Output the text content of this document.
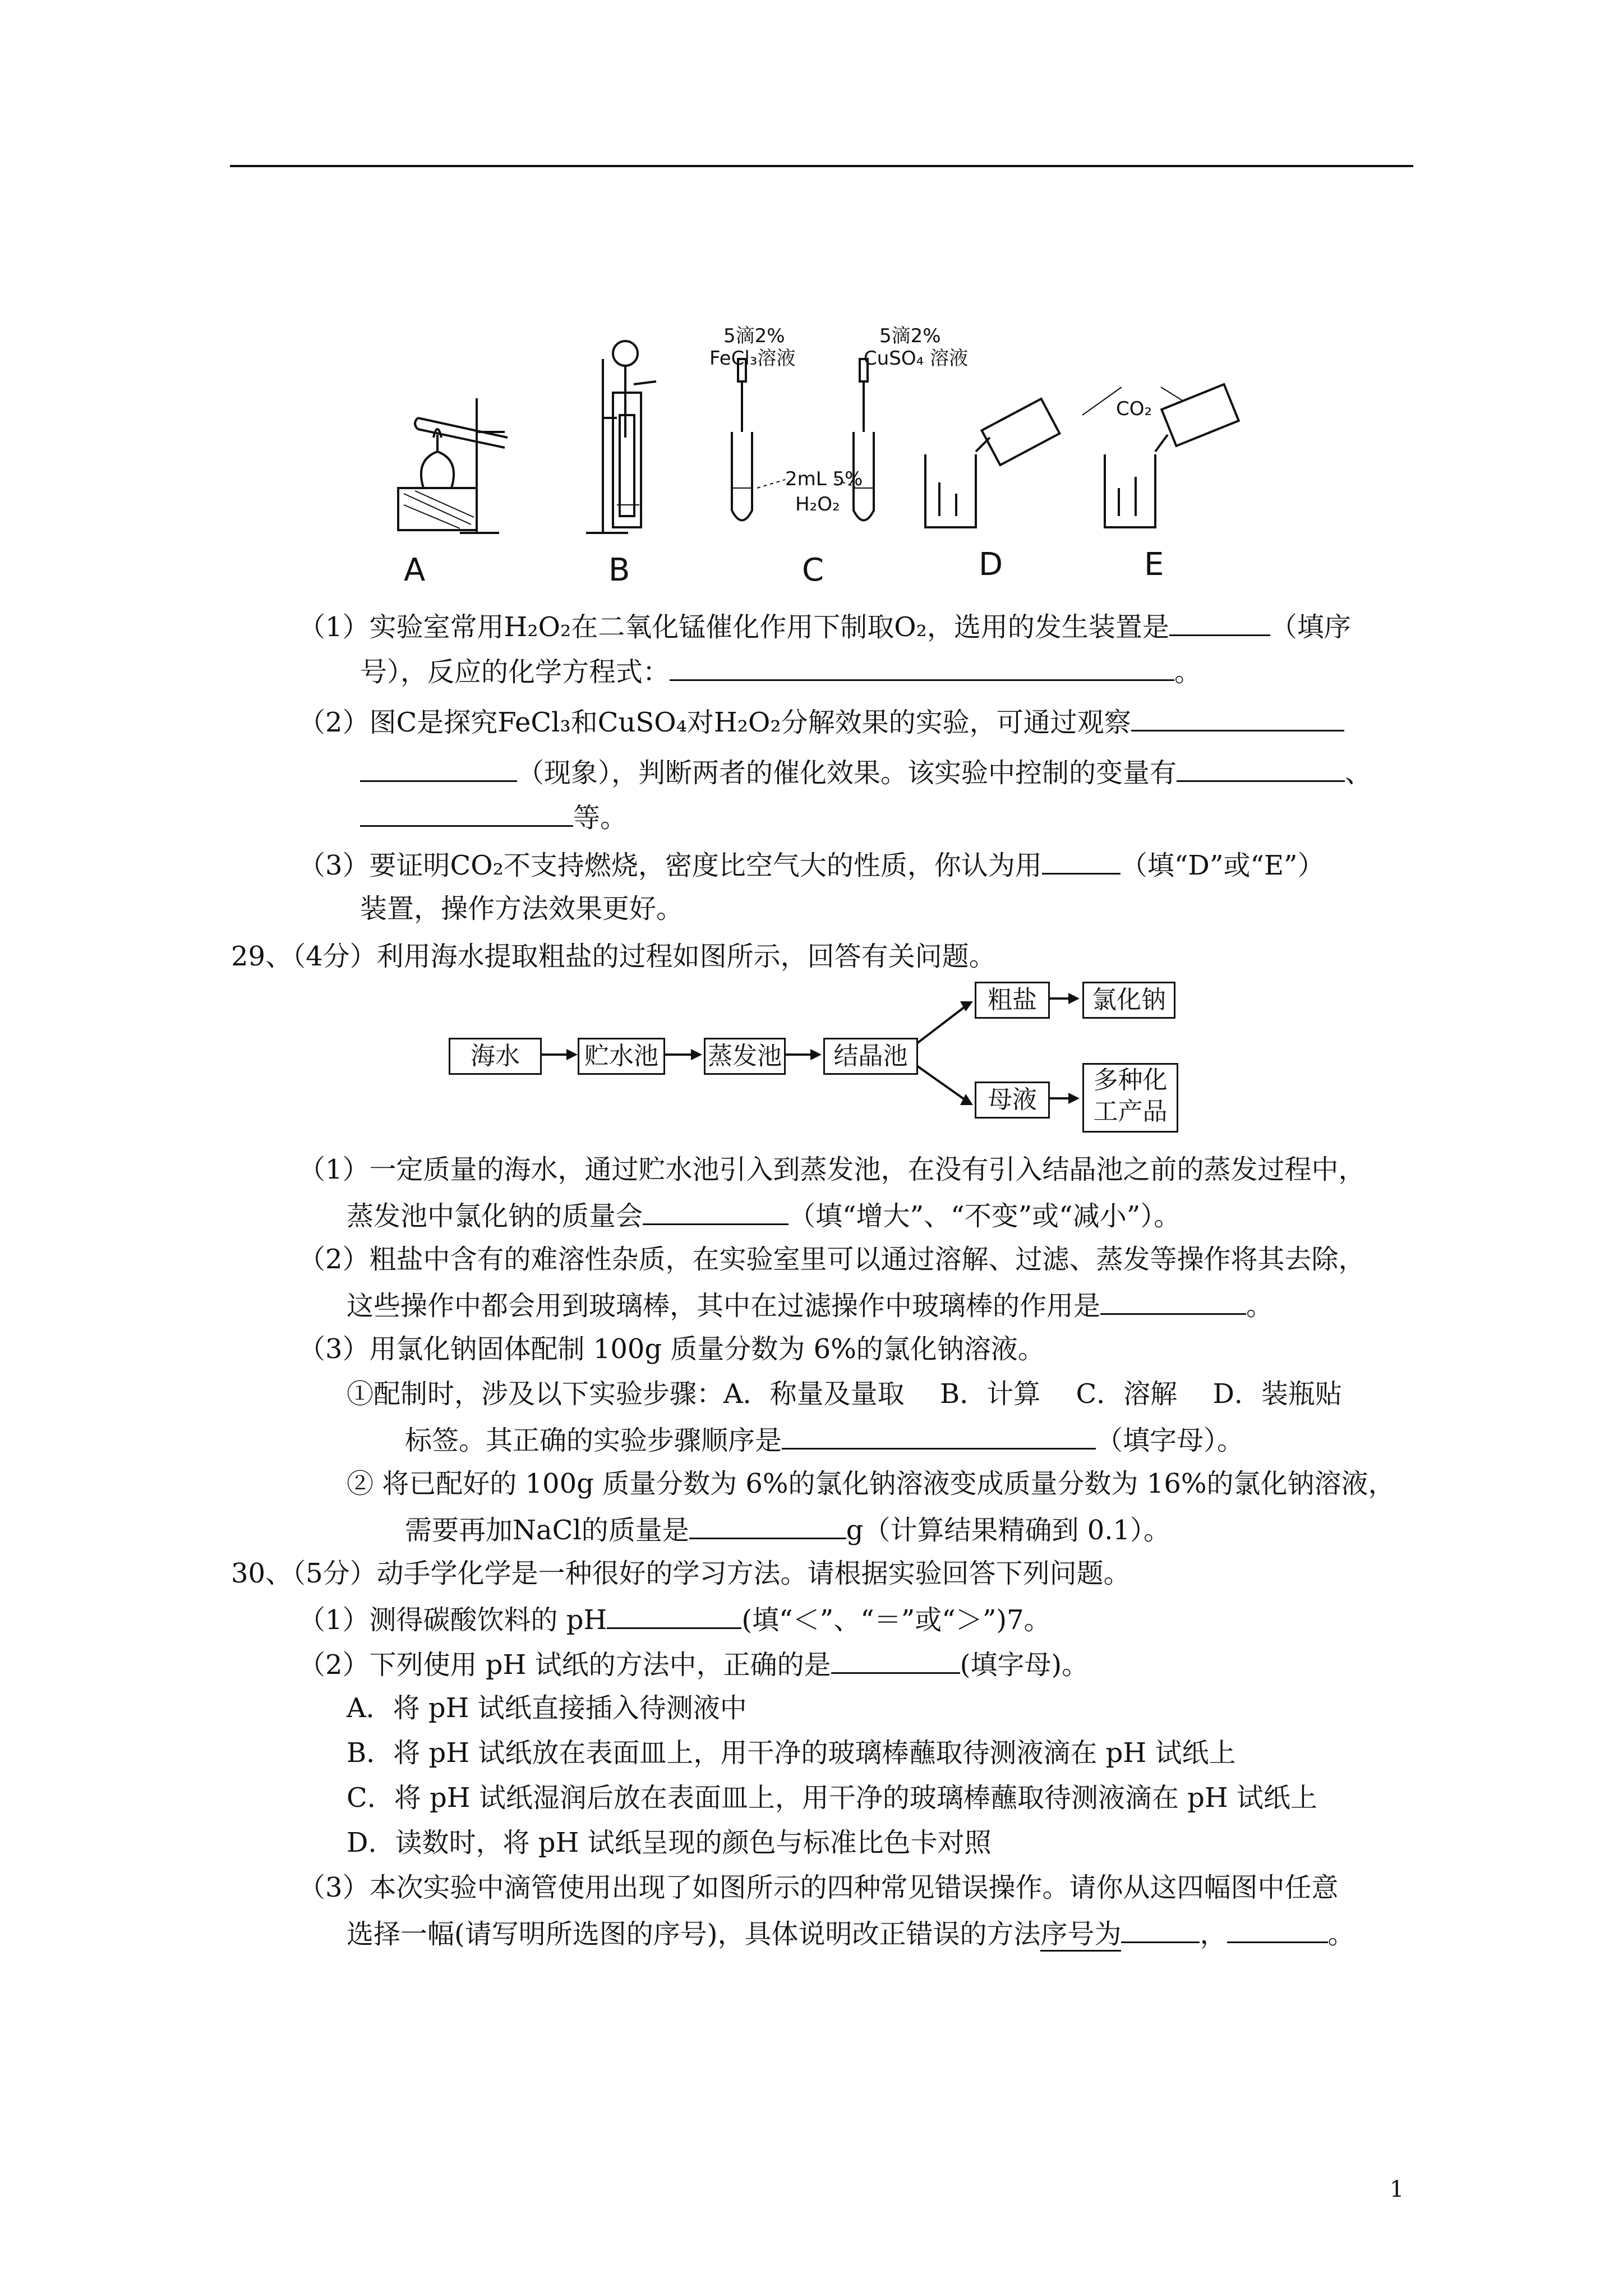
A	B	C	D	E
5滴2%
FeCl₃溶液
5滴2%
CuSO₄ 溶液
2mL 5%
H₂O₂
CO₂
（1）实验室常用H₂O₂在二氧化锰催化作用下制取O₂，选用的发生装置是	（填序
号），反应的化学方程式：	。
（2）图C是探究FeCl₃和CuSO₄对H₂O₂分解效果的实验，可通过观察
（现象），判断两者的催化效果。该实验中控制的变量有	、
等。
（3）要证明CO₂不支持燃烧，密度比空气大的性质，你认为用	（填“D”或“E”）
装置，操作方法效果更好。
29、（4分）利用海水提取粗盐的过程如图所示，回答有关问题。
海水	贮水池 蒸发池	结晶池
粗盐	氯化钠
母液
多种化
工产品
（1）一定质量的海水，通过贮水池引入到蒸发池，在没有引入结晶池之前的蒸发过程中，
蒸发池中氯化钠的质量会	（填“增大”、“不变”或“减小”）。
（2）粗盐中含有的难溶性杂质，在实验室里可以通过溶解、过滤、蒸发等操作将其去除，
这些操作中都会用到玻璃棒，其中在过滤操作中玻璃棒的作用是	。
（3）用氯化钠固体配制 100g 质量分数为 6%的氯化钠溶液。
①配制时，涉及以下实验步骤：A．称量及量取　 B．计算　 C．溶解　 D．装瓶贴
标签。其正确的实验步骤顺序是	（填字母）。
② 将已配好的 100g 质量分数为 6%的氯化钠溶液变成质量分数为 16%的氯化钠溶液，
需要再加NaCl的质量是	g（计算结果精确到 0.1）。
30、（5分）动手学化学是一种很好的学习方法。请根据实验回答下列问题。
（1）测得碳酸饮料的 pH	(填“＜”、“＝”或“＞”)7。
（2）下列使用 pH 试纸的方法中，正确的是	(填字母)。
A．将 pH 试纸直接插入待测液中
B．将 pH 试纸放在表面皿上，用干净的玻璃棒蘸取待测液滴在 pH 试纸上
C．将 pH 试纸湿润后放在表面皿上，用干净的玻璃棒蘸取待测液滴在 pH 试纸上
D．读数时，将 pH 试纸呈现的颜色与标准比色卡对照
（3）本次实验中滴管使用出现了如图所示的四种常见错误操作。请你从这四幅图中任意
选择一幅(请写明所选图的序号)，具体说明改正错误的方法序号为	，	。
1
